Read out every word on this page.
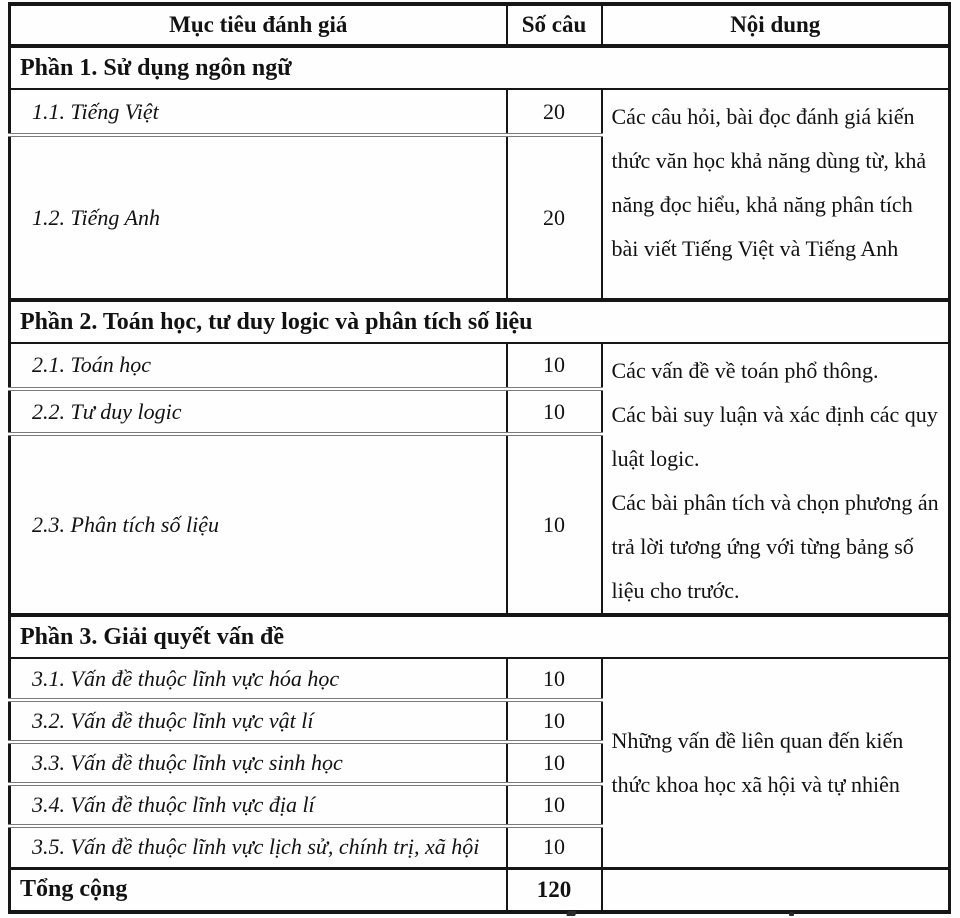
Mục tiêu đánh giá	Số câu	Nội dung
Phần 1. Sử dụng ngôn ngữ		
1.1. Tiếng Việt	20	Các câu hỏi, bài đọc đánh giá kiến thức văn học khả năng dùng từ, khả năng đọc hiểu, khả năng phân tích bài viết Tiếng Việt và Tiếng Anh

1.2. Tiếng Anh	20	
Phần 2. Toán học, tư duy logic và phân tích số liệu		
2.1. Toán học	10	Các vấn đề về toán phổ thông.

Các bài suy luận và xác định các quy luật logic.

Các bài phân tích và chọn phương án trả lời tương ứng với từng bảng số liệu cho trước.

2.2. Tư duy logic	10	
2.3. Phân tích số liệu	10	
Phần 3. Giải quyết vấn đề		
3.1. Vấn đề thuộc lĩnh vực hóa học	10	Những vấn đề liên quan đến kiến thức khoa học xã hội và tự nhiên

3.2. Vấn đề thuộc lĩnh vực vật lí	10	
3.3. Vấn đề thuộc lĩnh vực sinh học	10	
3.4. Vấn đề thuộc lĩnh vực địa lí	10	
3.5. Vấn đề thuộc lĩnh vực lịch sử, chính trị, xã hội	10	
Tổng cộng	120	
